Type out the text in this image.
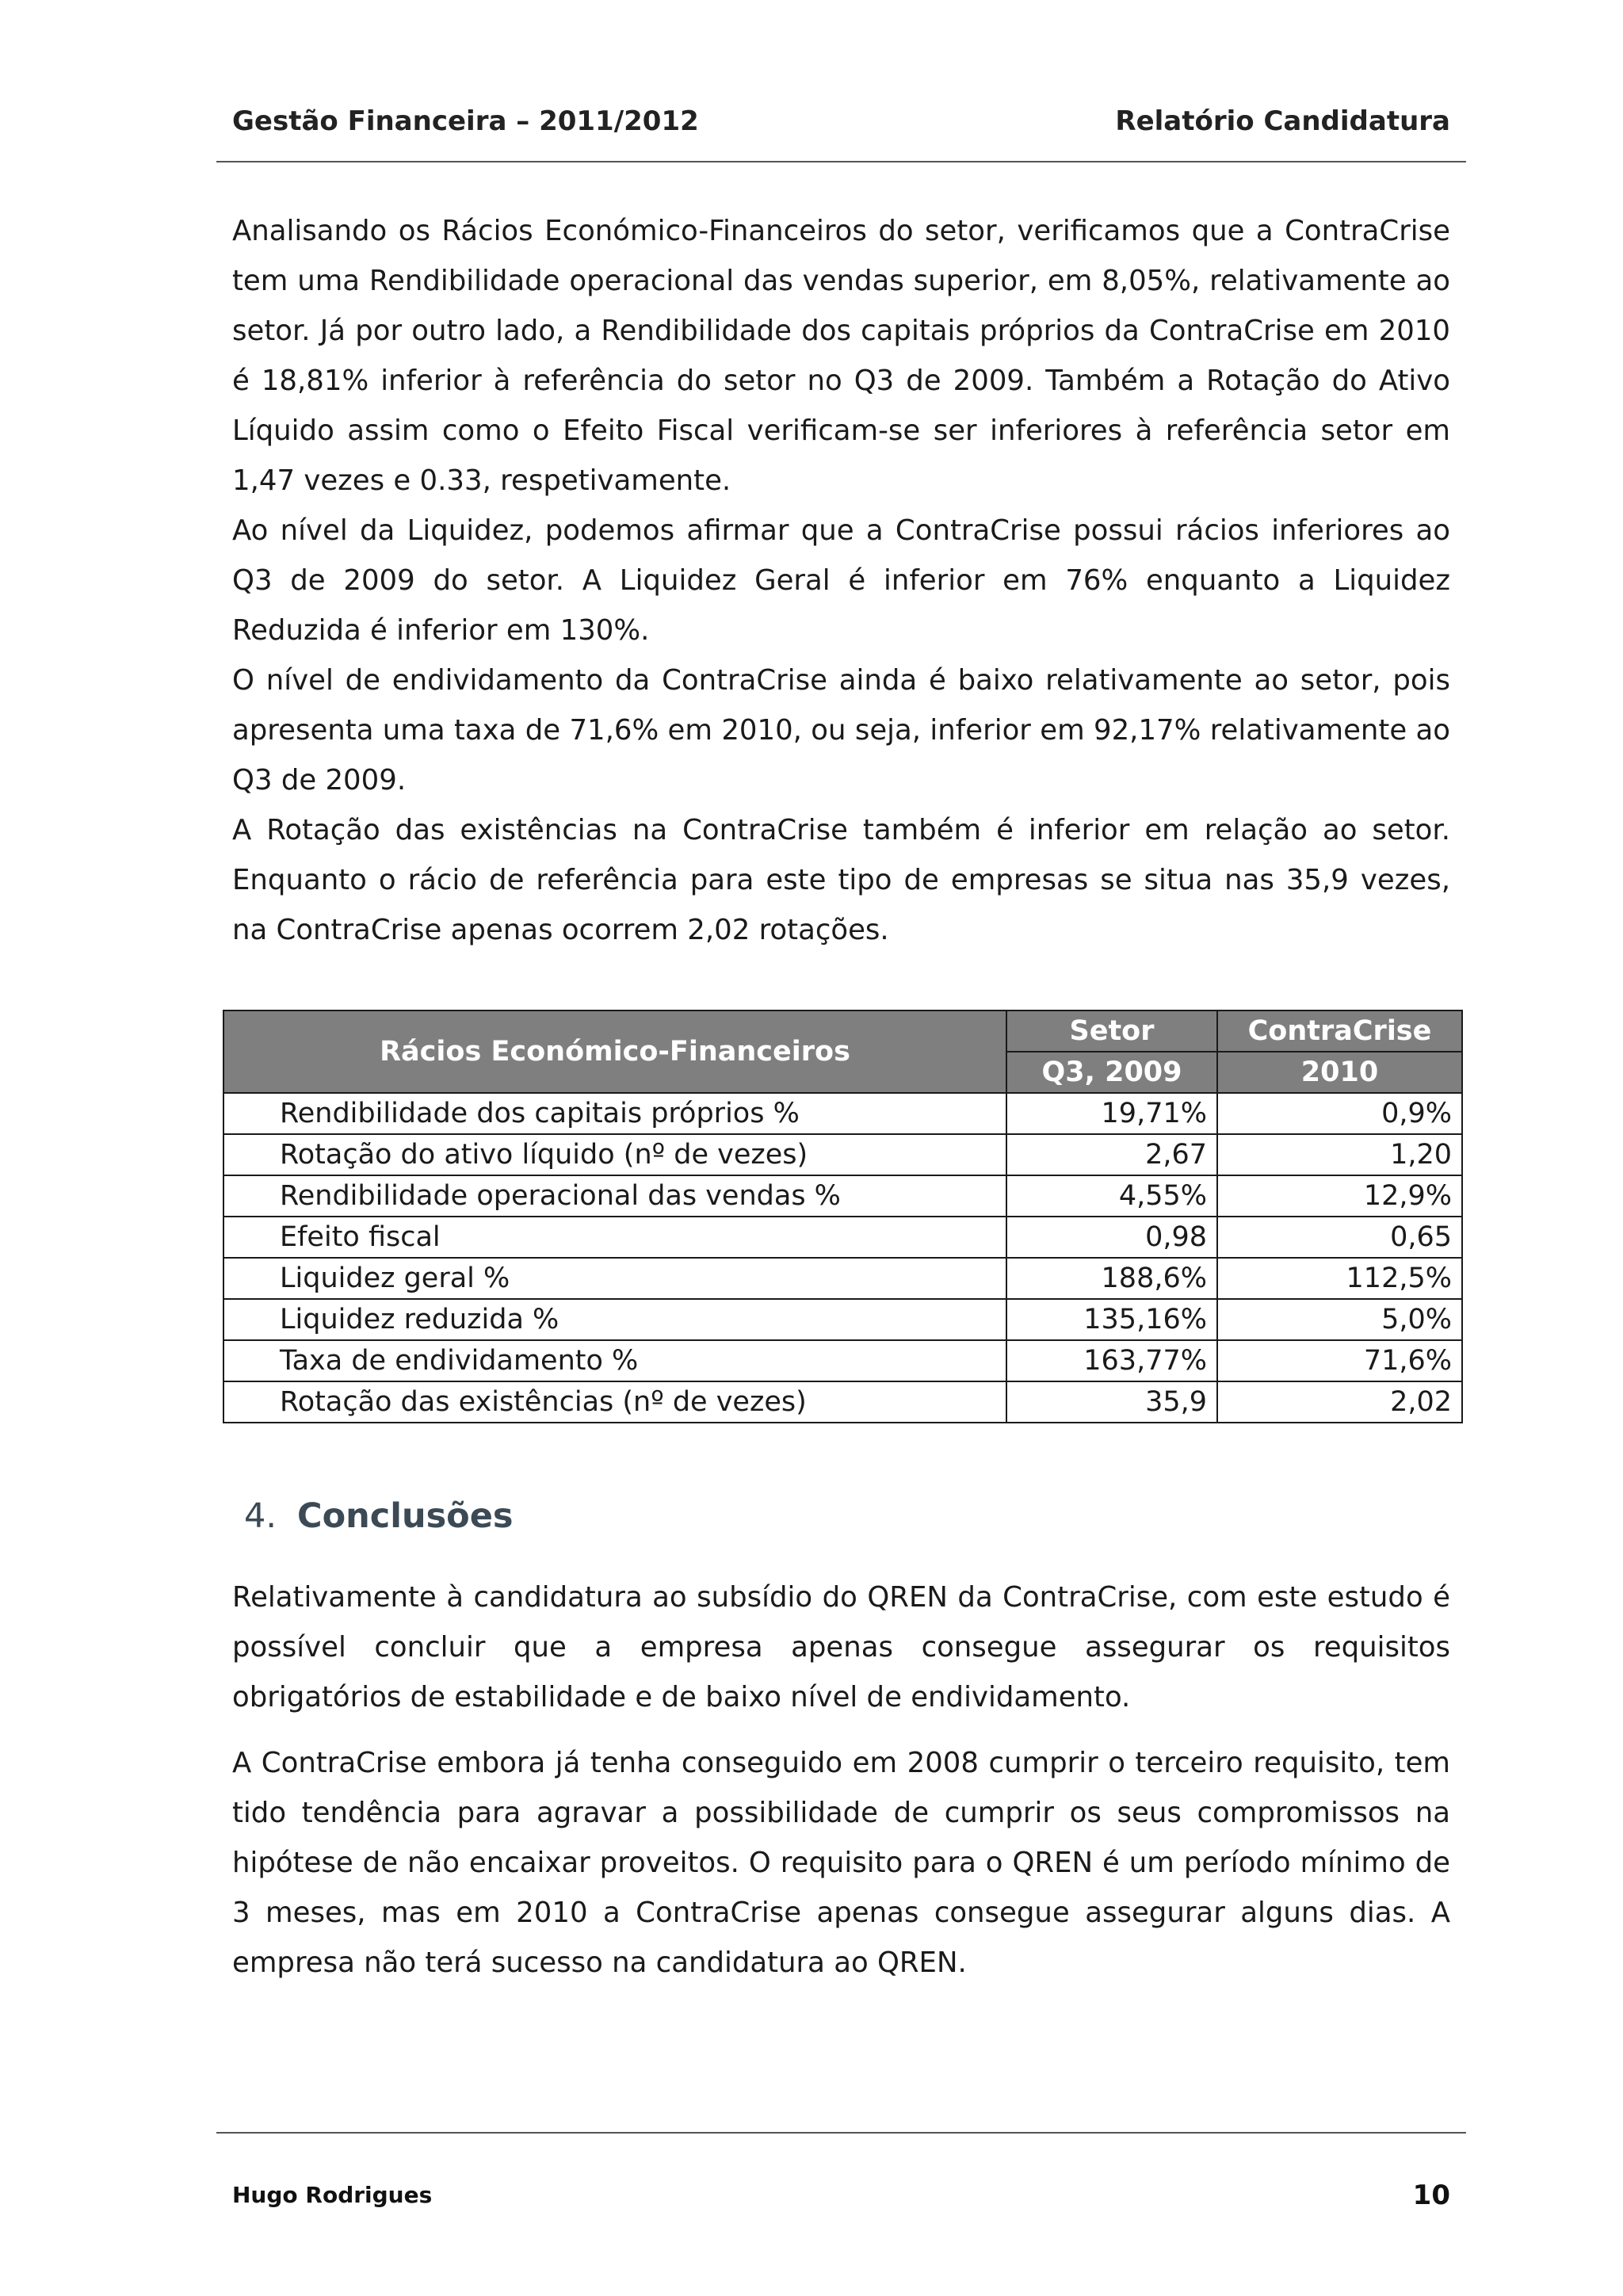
Gestão Financeira – 2011/2012	Relatório Candidatura

Analisando os Rácios Económico-Financeiros do setor, verificamos que a ContraCrise tem uma Rendibilidade operacional das vendas superior, em 8,05%, relativamente ao setor. Já por outro lado, a Rendibilidade dos capitais próprios da ContraCrise em 2010 é 18,81% inferior à referência do setor no Q3 de 2009. Também a Rotação do Ativo Líquido assim como o Efeito Fiscal verificam-se ser inferiores à referência setor em 1,47 vezes e 0.33, respetivamente.

Ao nível da Liquidez, podemos afirmar que a ContraCrise possui rácios inferiores ao Q3 de 2009 do setor. A Liquidez Geral é inferior em 76% enquanto a Liquidez Reduzida é inferior em 130%.

O nível de endividamento da ContraCrise ainda é baixo relativamente ao setor, pois apresenta uma taxa de 71,6% em 2010, ou seja, inferior em 92,17% relativamente ao Q3 de 2009.

A Rotação das existências na ContraCrise também é inferior em relação ao setor. Enquanto o rácio de referência para este tipo de empresas se situa nas 35,9 vezes, na ContraCrise apenas ocorrem 2,02 rotações.

Rácios Económico-Financeiros	Setor	ContraCrise
	Q3, 2009	2010
Rendibilidade dos capitais próprios %	19,71%	0,9%
Rotação do ativo líquido (nº de vezes)	2,67	1,20
Rendibilidade operacional das vendas %	4,55%	12,9%
Efeito fiscal	0,98	0,65
Liquidez geral %	188,6%	112,5%
Liquidez reduzida %	135,16%	5,0%
Taxa de endividamento %	163,77%	71,6%
Rotação das existências (nº de vezes)	35,9	2,02
4. Conclusões

Relativamente à candidatura ao subsídio do QREN da ContraCrise, com este estudo é possível concluir que a empresa apenas consegue assegurar os requisitos obrigatórios de estabilidade e de baixo nível de endividamento.

A ContraCrise embora já tenha conseguido em 2008 cumprir o terceiro requisito, tem tido tendência para agravar a possibilidade de cumprir os seus compromissos na hipótese de não encaixar proveitos. O requisito para o QREN é um período mínimo de 3 meses, mas em 2010 a ContraCrise apenas consegue assegurar alguns dias. A empresa não terá sucesso na candidatura ao QREN.

Hugo Rodrigues	10
